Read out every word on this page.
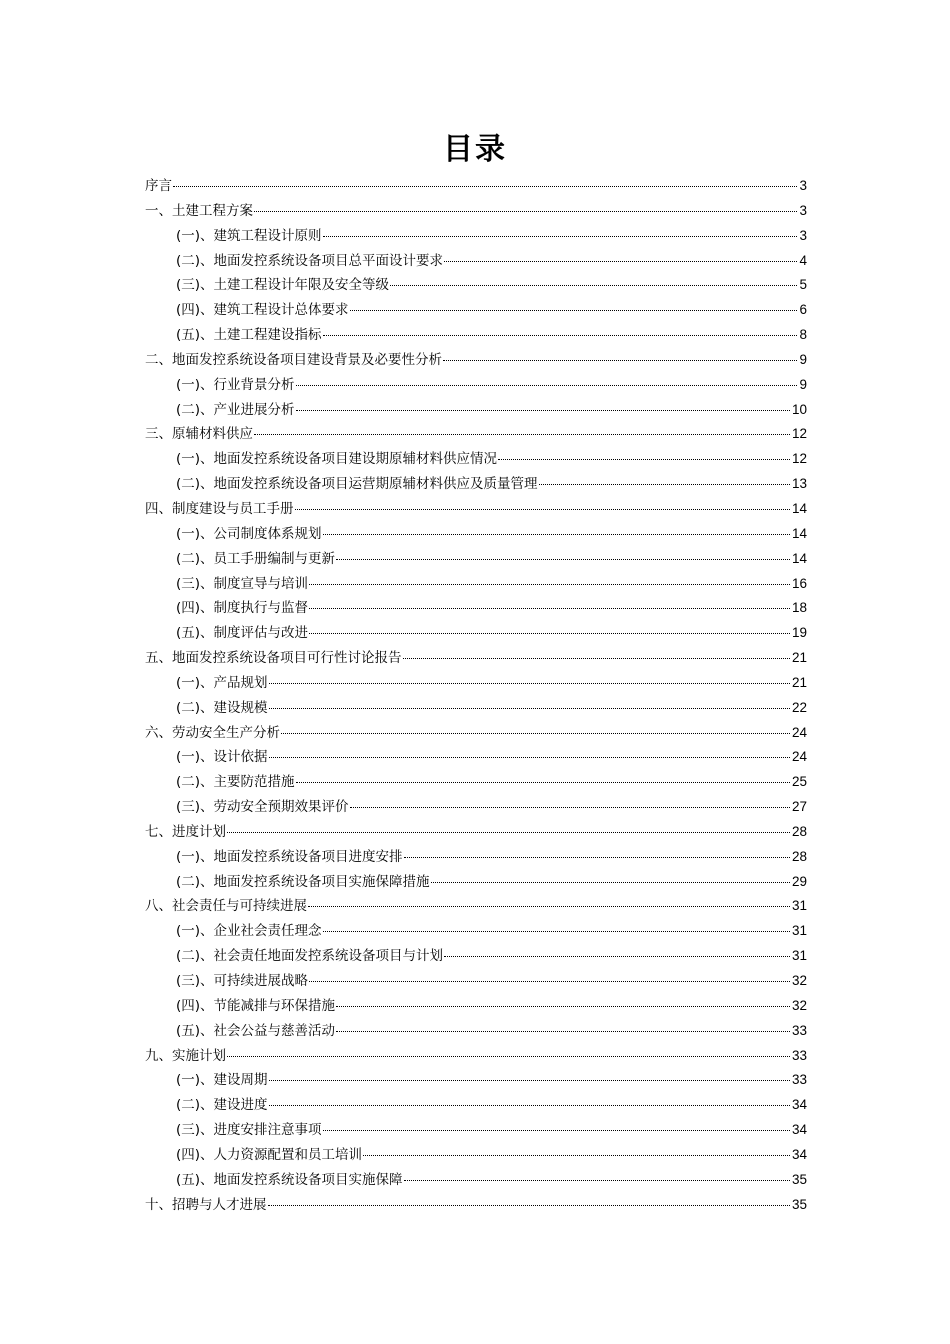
目录
序言	3
一、土建工程方案	3
(一)、建筑工程设计原则	3
(二)、地面发控系统设备项目总平面设计要求	4
(三)、土建工程设计年限及安全等级	5
(四)、建筑工程设计总体要求	6
(五)、土建工程建设指标	8
二、地面发控系统设备项目建设背景及必要性分析	9
(一)、行业背景分析	9
(二)、产业进展分析	10
三、原辅材料供应	12
(一)、地面发控系统设备项目建设期原辅材料供应情况	12
(二)、地面发控系统设备项目运营期原辅材料供应及质量管理	13
四、制度建设与员工手册	14
(一)、公司制度体系规划	14
(二)、员工手册编制与更新	14
(三)、制度宣导与培训	16
(四)、制度执行与监督	18
(五)、制度评估与改进	19
五、地面发控系统设备项目可行性讨论报告	21
(一)、产品规划	21
(二)、建设规模	22
六、劳动安全生产分析	24
(一)、设计依据	24
(二)、主要防范措施	25
(三)、劳动安全预期效果评价	27
七、进度计划	28
(一)、地面发控系统设备项目进度安排	28
(二)、地面发控系统设备项目实施保障措施	29
八、社会责任与可持续进展	31
(一)、企业社会责任理念	31
(二)、社会责任地面发控系统设备项目与计划	31
(三)、可持续进展战略	32
(四)、节能减排与环保措施	32
(五)、社会公益与慈善活动	33
九、实施计划	33
(一)、建设周期	33
(二)、建设进度	34
(三)、进度安排注意事项	34
(四)、人力资源配置和员工培训	34
(五)、地面发控系统设备项目实施保障	35
十、招聘与人才进展	35
